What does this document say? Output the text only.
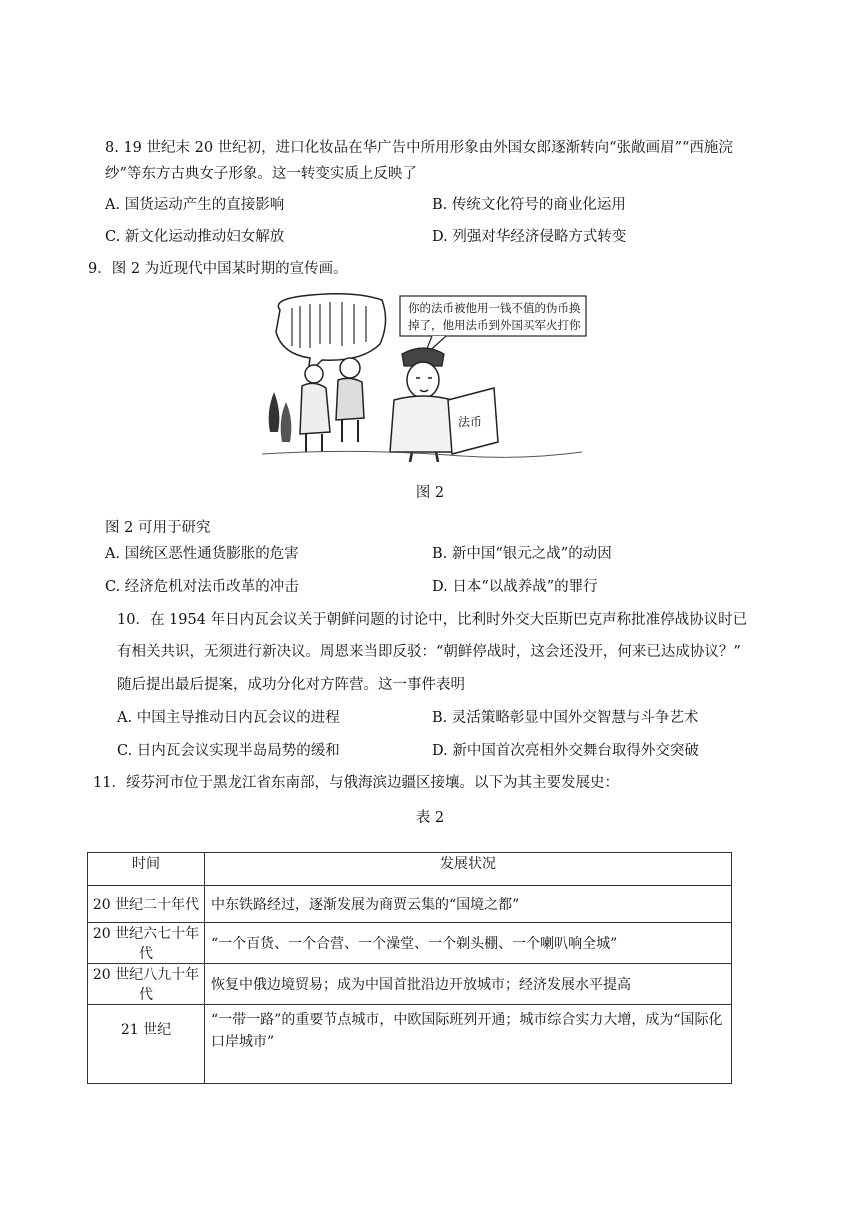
8. 19 世纪末 20 世纪初，进口化妆品在华广告中所用形象由外国女郎逐渐转向“张敞画眉”“西施浣
纱”等东方古典女子形象。这一转变实质上反映了
A. 国货运动产生的直接影响	B. 传统文化符号的商业化运用
C. 新文化运动推动妇女解放	D. 列强对华经济侵略方式转变
9．图 2 为近现代中国某时期的宣传画。
你的法币被他用一钱不值的伪币换
掉了，他用法币到外国买军火打你
法币
图 2
图 2 可用于研究
A. 国统区恶性通货膨胀的危害	B. 新中国“银元之战”的动因
C. 经济危机对法币改革的冲击	D. 日本“以战养战”的罪行
10．在 1954 年日内瓦会议关于朝鲜问题的讨论中，比利时外交大臣斯巴克声称批准停战协议时已
有相关共识，无须进行新决议。周恩来当即反驳：“朝鲜停战时，这会还没开，何来已达成协议？”
随后提出最后提案，成功分化对方阵营。这一事件表明
A. 中国主导推动日内瓦会议的进程	B. 灵活策略彰显中国外交智慧与斗争艺术
C. 日内瓦会议实现半岛局势的缓和	D. 新中国首次亮相外交舞台取得外交突破
11．绥芬河市位于黑龙江省东南部，与俄海滨边疆区接壤。以下为其主要发展史：
表 2
时间	发展状况
20 世纪二十年代	中东铁路经过，逐渐发展为商贾云集的“国境之都”
20 世纪六七十年代	“一个百货、一个合营、一个澡堂、一个剃头棚、一个喇叭响全城”
20 世纪八九十年代	恢复中俄边境贸易；成为中国首批沿边开放城市；经济发展水平提高
21 世纪	“一带一路”的重要节点城市，中欧国际班列开通；城市综合实力大增，成为“国际化口岸城市”
